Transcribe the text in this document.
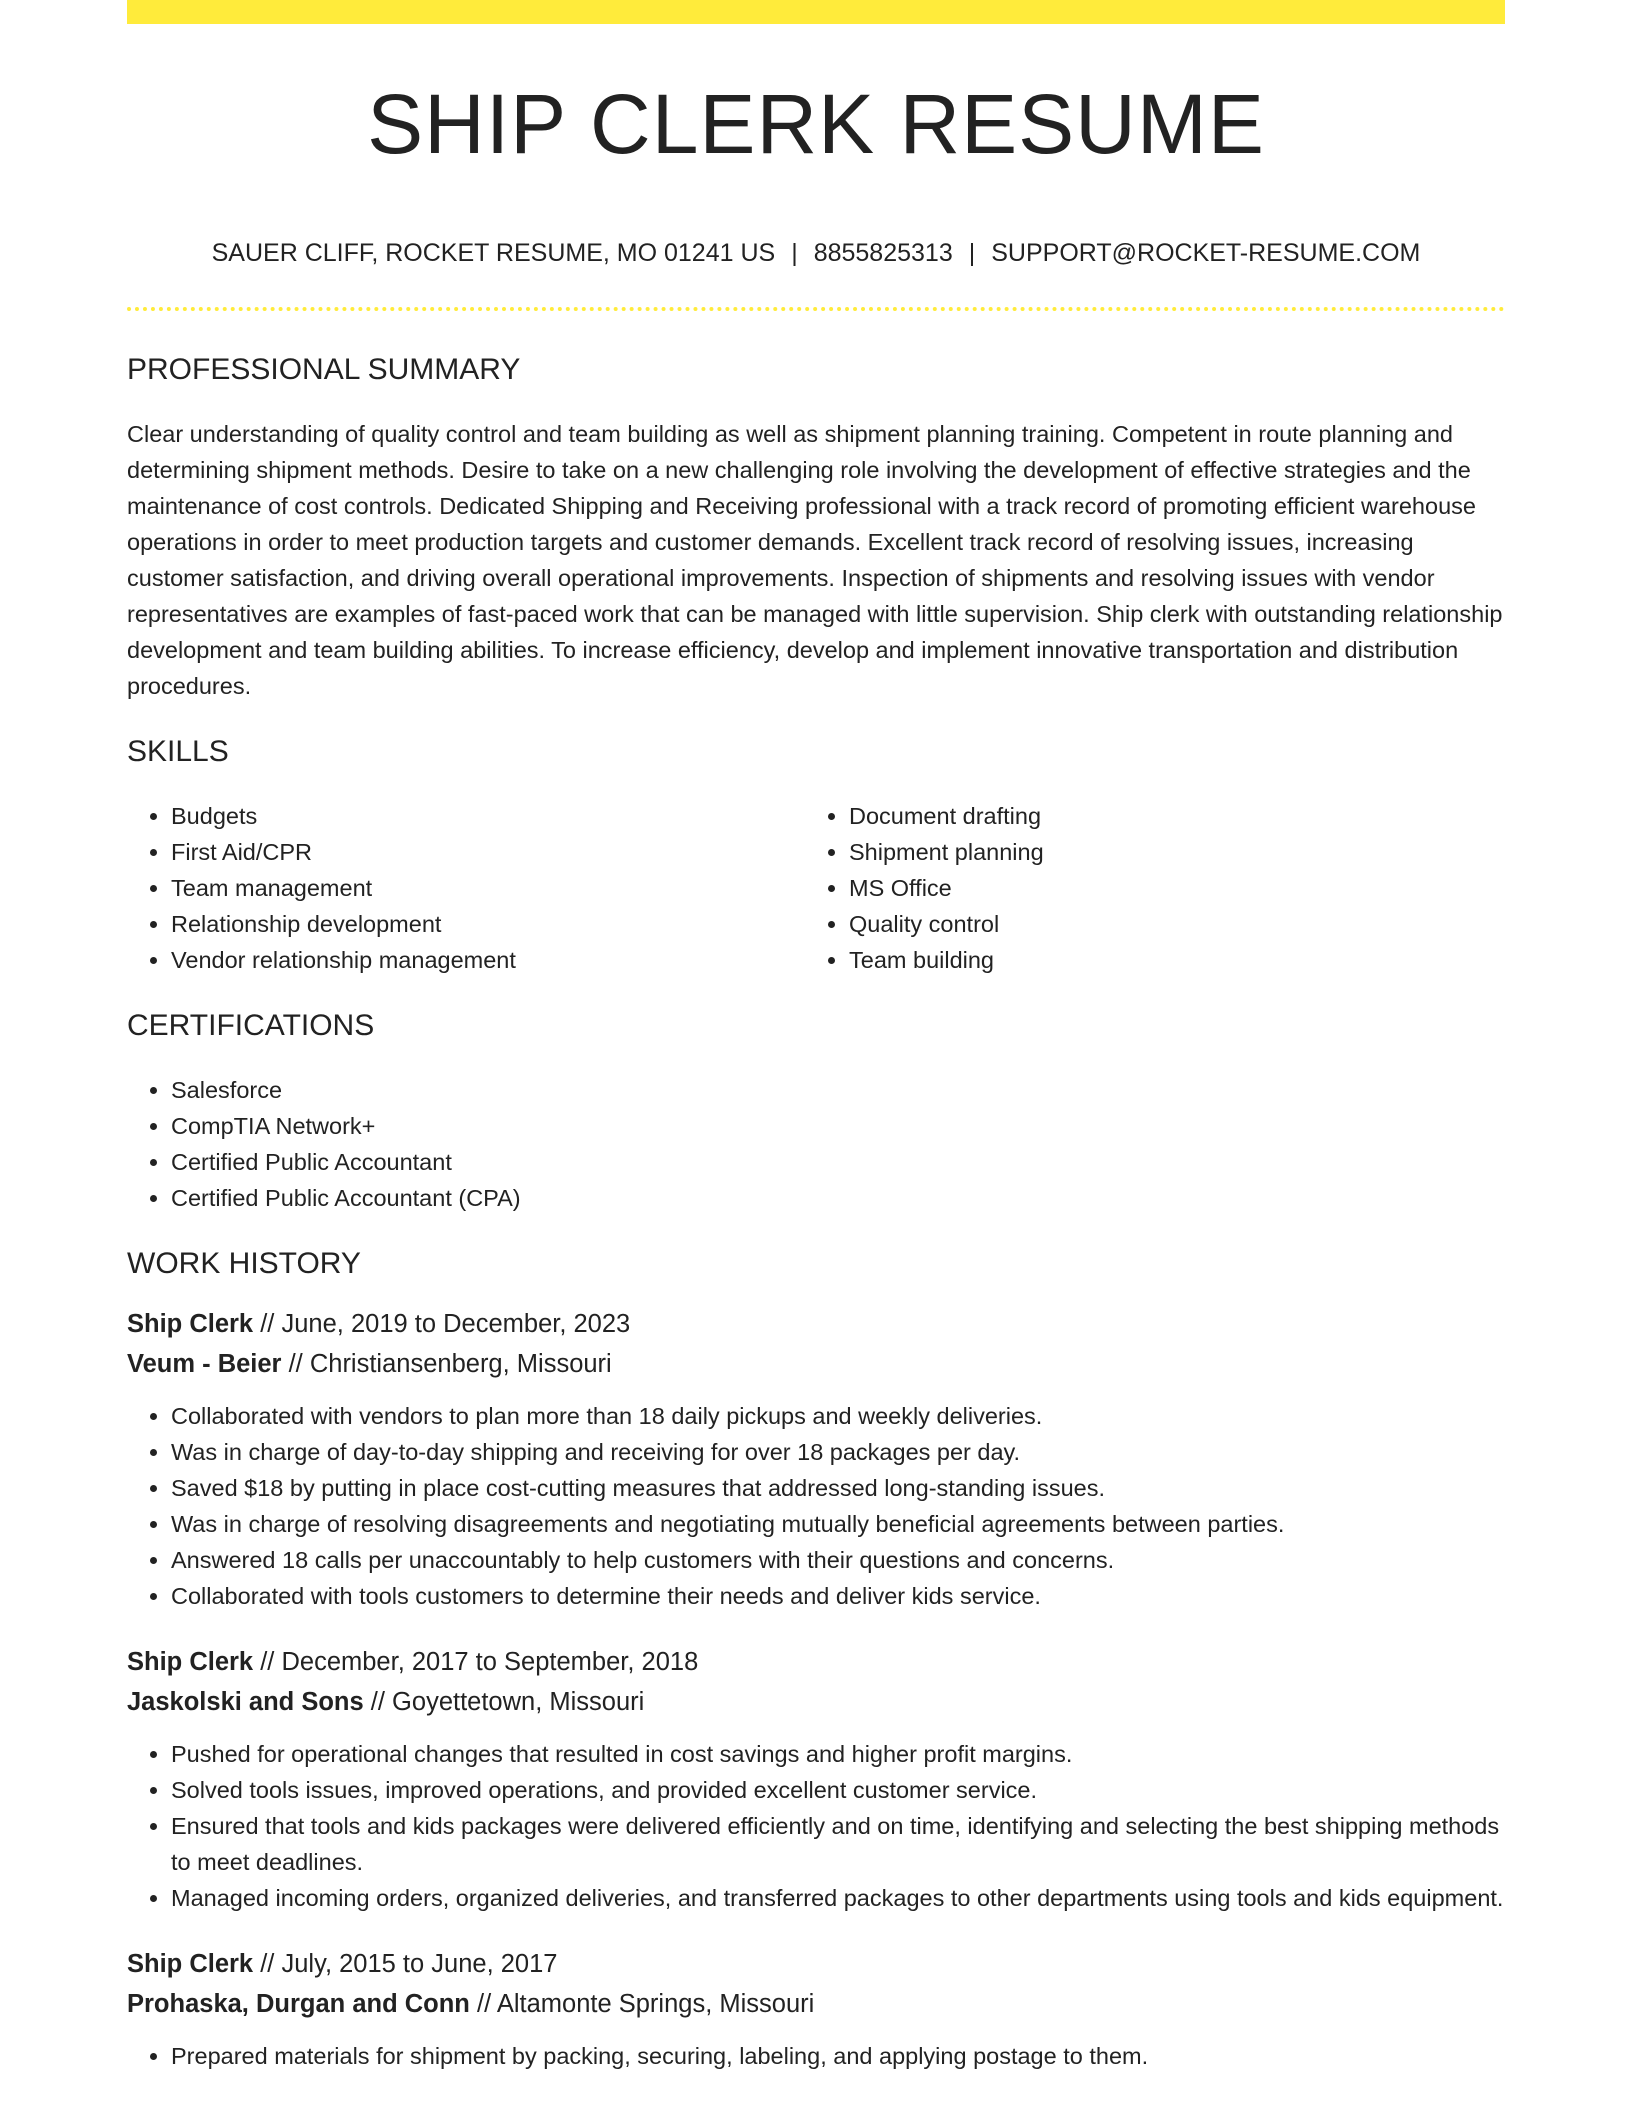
SHIP CLERK RESUME
SAUER CLIFF, ROCKET RESUME, MO 01241 US | 8855825313 | SUPPORT@ROCKET-RESUME.COM
PROFESSIONAL SUMMARY

Clear understanding of quality control and team building as well as shipment planning training. Competent in route planning and determining shipment methods. Desire to take on a new challenging role involving the development of effective strategies and the maintenance of cost controls. Dedicated Shipping and Receiving professional with a track record of promoting efficient warehouse operations in order to meet production targets and customer demands. Excellent track record of resolving issues, increasing customer satisfaction, and driving overall operational improvements. Inspection of shipments and resolving issues with vendor representatives are examples of fast-paced work that can be managed with little supervision. Ship clerk with outstanding relationship development and team building abilities. To increase efficiency, develop and implement innovative transportation and distribution procedures.

SKILLS
• Budgets
• First Aid/CPR
• Team management
• Relationship development
• Vendor relationship management
• Document drafting
• Shipment planning
• MS Office
• Quality control
• Team building
CERTIFICATIONS
• Salesforce
• CompTIA Network+
• Certified Public Accountant
• Certified Public Accountant (CPA)
WORK HISTORY
Ship Clerk // June, 2019 to December, 2023
Veum - Beier // Christiansenberg, Missouri
• Collaborated with vendors to plan more than 18 daily pickups and weekly deliveries.
• Was in charge of day-to-day shipping and receiving for over 18 packages per day.
• Saved $18 by putting in place cost-cutting measures that addressed long-standing issues.
• Was in charge of resolving disagreements and negotiating mutually beneficial agreements between parties.
• Answered 18 calls per unaccountably to help customers with their questions and concerns.
• Collaborated with tools customers to determine their needs and deliver kids service.
Ship Clerk // December, 2017 to September, 2018
Jaskolski and Sons // Goyettetown, Missouri
• Pushed for operational changes that resulted in cost savings and higher profit margins.
• Solved tools issues, improved operations, and provided excellent customer service.
• Ensured that tools and kids packages were delivered efficiently and on time, identifying and selecting the best shipping methods to meet deadlines.
• Managed incoming orders, organized deliveries, and transferred packages to other departments using tools and kids equipment.
Ship Clerk // July, 2015 to June, 2017
Prohaska, Durgan and Conn // Altamonte Springs, Missouri
• Prepared materials for shipment by packing, securing, labeling, and applying postage to them.
